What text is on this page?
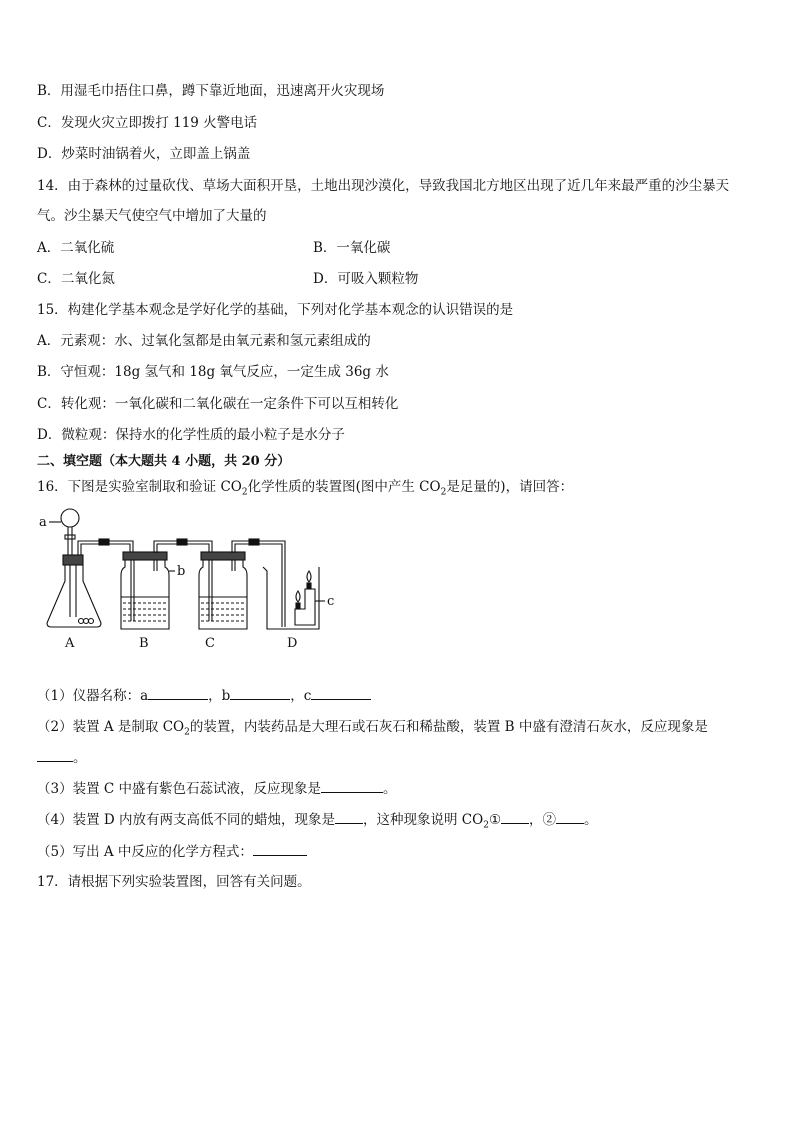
B．用湿毛巾捂住口鼻，蹲下靠近地面，迅速离开火灾现场
C．发现火灾立即拨打 119 火警电话
D．炒菜时油锅着火，立即盖上锅盖
14．由于森林的过量砍伐、草场大面积开垦，土地出现沙漠化，导致我国北方地区出现了近几年来最严重的沙尘暴天
气。沙尘暴天气使空气中增加了大量的
A．二氧化硫	B．一氧化碳
C．二氧化氮	D．可吸入颗粒物
15．构建化学基本观念是学好化学的基础，下列对化学基本观念的认识错误的是
A．元素观：水、过氧化氢都是由氧元素和氢元素组成的
B．守恒观：18g 氢气和 18g 氧气反应，一定生成 36g 水
C．转化观：一氧化碳和二氧化碳在一定条件下可以互相转化
D．微粒观：保持水的化学性质的最小粒子是水分子
二、填空题（本大题共 4 小题，共 20 分）
16．下图是实验室制取和验证 $CO_2$化学性质的装置图(图中产生 $CO_2$是足量的)，请回答：
a
b
c
A	B	C	D
（1）仪器名称：a	，b	，c
（2）装置 A 是制取 $CO_2$的装置，内装药品是大理石或石灰石和稀盐酸，装置 B 中盛有澄清石灰水，反应现象是
。
（3）装置 C 中盛有紫色石蕊试液，反应现象是	。
（4）装置 D 内放有两支高低不同的蜡烛，现象是 ，这种现象说明 $CO_2①$ ，② 。
（5）写出 A 中反应的化学方程式：
17．请根据下列实验装置图，回答有关问题。
